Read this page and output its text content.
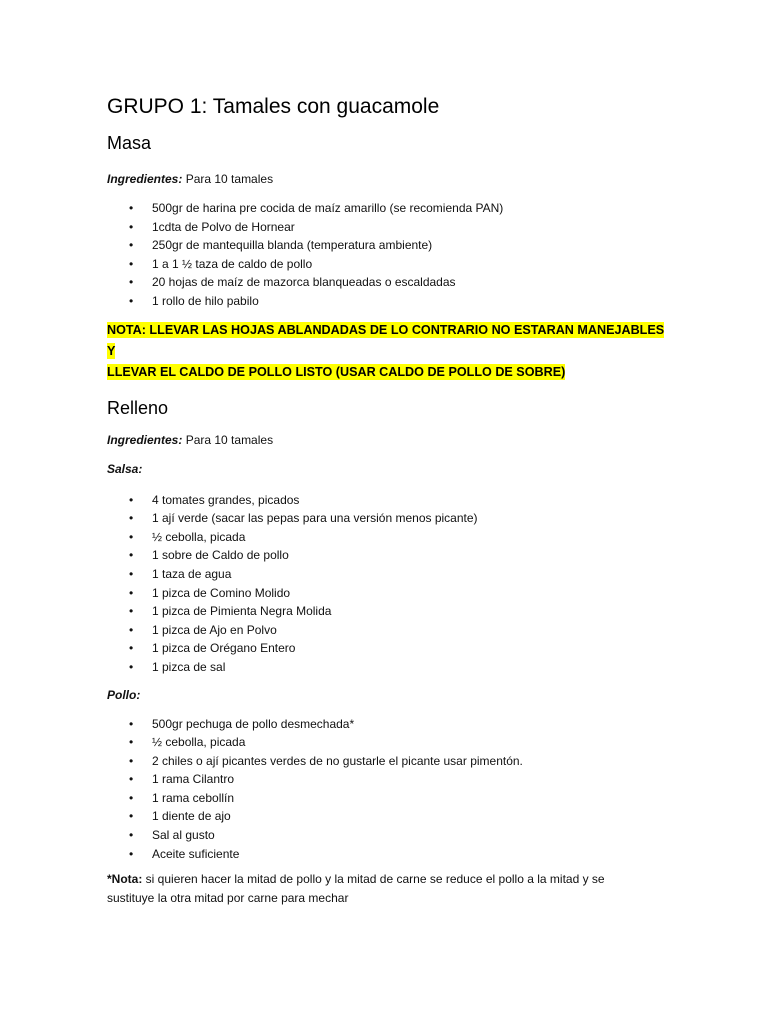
GRUPO 1: Tamales con guacamole
Masa

Ingredientes: Para 10 tamales

• 500gr de harina pre cocida de maíz amarillo (se recomienda PAN)
• 1cdta de Polvo de Hornear
• 250gr de mantequilla blanda (temperatura ambiente)
• 1 a 1 ½ taza de caldo de pollo
• 20 hojas de maíz de mazorca blanqueadas o escaldadas
• 1 rollo de hilo pabilo
NOTA: LLEVAR LAS HOJAS ABLANDADAS DE LO CONTRARIO NO ESTARAN MANEJABLES Y
LLEVAR EL CALDO DE POLLO LISTO (USAR CALDO DE POLLO DE SOBRE)
Relleno

Ingredientes: Para 10 tamales

Salsa:

• 4 tomates grandes, picados
• 1 ají verde (sacar las pepas para una versión menos picante)
• ½ cebolla, picada
• 1 sobre de Caldo de pollo
• 1 taza de agua
• 1 pizca de Comino Molido
• 1 pizca de Pimienta Negra Molida
• 1 pizca de Ajo en Polvo
• 1 pizca de Orégano Entero
• 1 pizca de sal

Pollo:

• 500gr pechuga de pollo desmechada*
• ½ cebolla, picada
• 2 chiles o ají picantes verdes de no gustarle el picante usar pimentón.
• 1 rama Cilantro
• 1 rama cebollín
• 1 diente de ajo
• Sal al gusto
• Aceite suficiente

*Nota: si quieren hacer la mitad de pollo y la mitad de carne se reduce el pollo a la mitad y se
sustituye la otra mitad por carne para mechar
